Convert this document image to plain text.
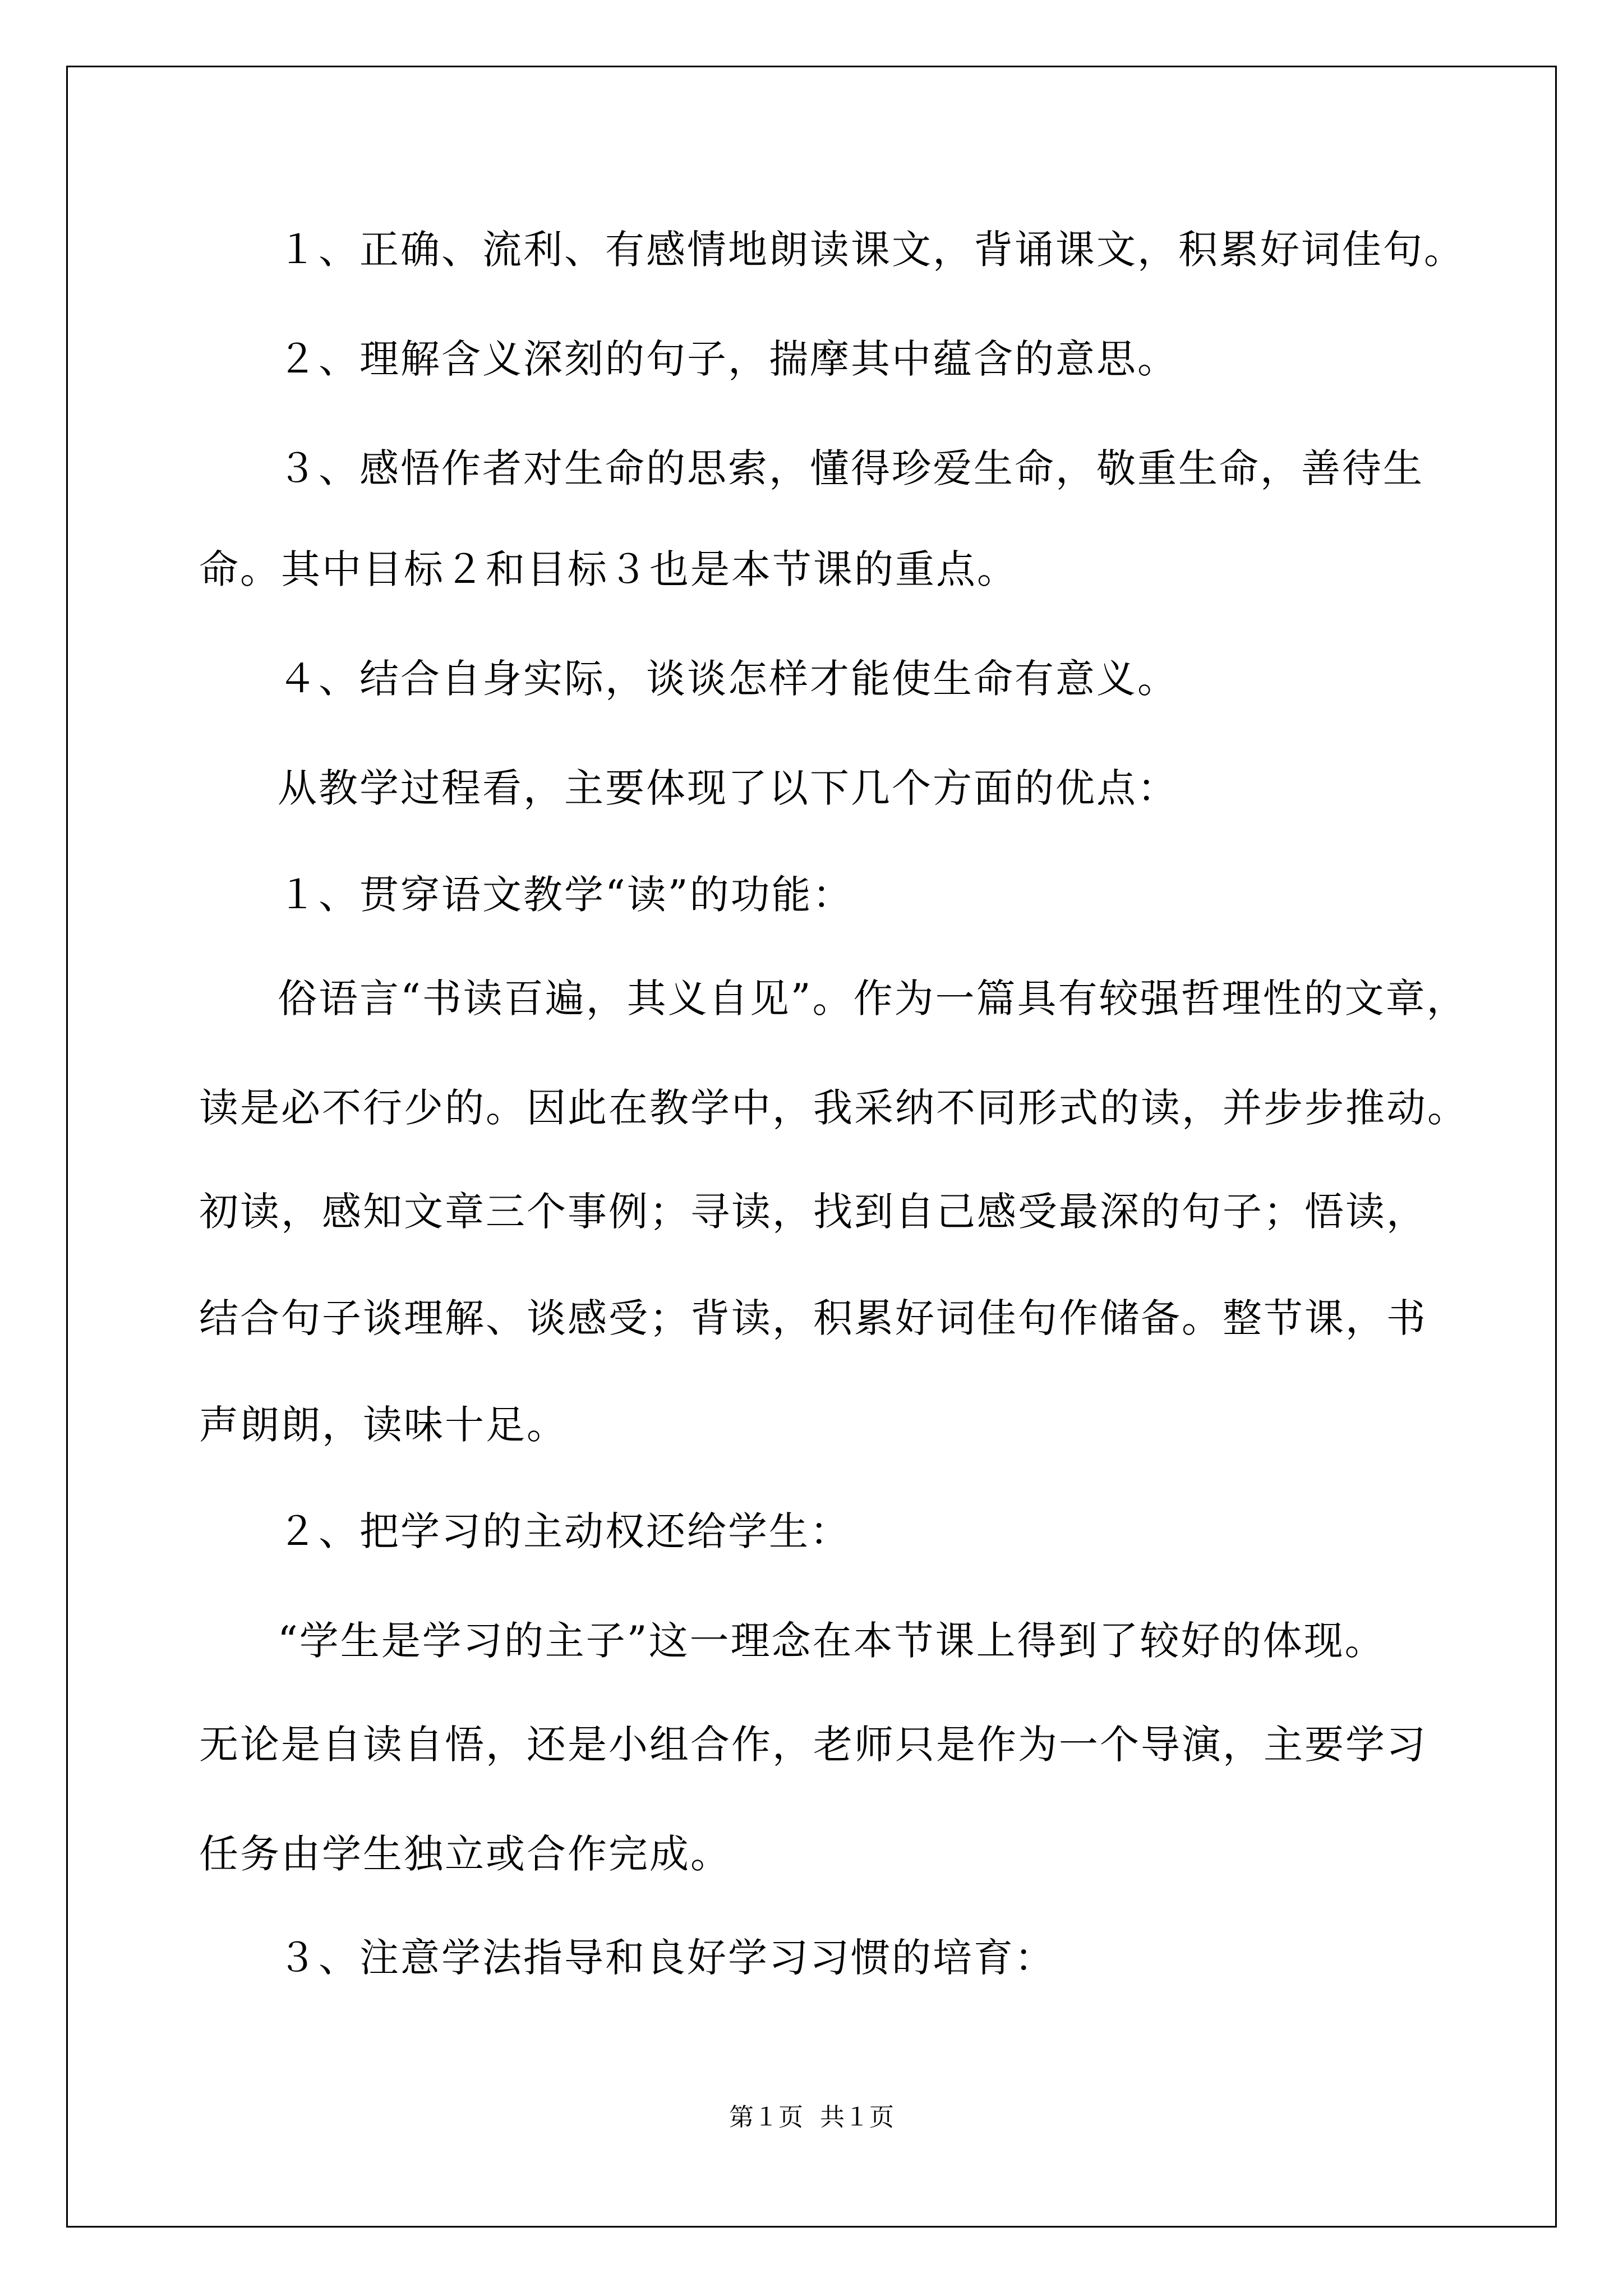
１、正确、流利、有感情地朗读课文，背诵课文，积累好词佳句。
２、理解含义深刻的句子，揣摩其中蕴含的意思。
３、感悟作者对生命的思索，懂得珍爱生命，敬重生命，善待生
命。其中目标２和目标３也是本节课的重点。
４、结合自身实际，谈谈怎样才能使生命有意义。
从教学过程看，主要体现了以下几个方面的优点：
１、贯穿语文教学“读”的功能：
俗语言“书读百遍，其义自见”。作为一篇具有较强哲理性的文章，
读是必不行少的。因此在教学中，我采纳不同形式的读，并步步推动。
初读，感知文章三个事例；寻读，找到自己感受最深的句子；悟读，
结合句子谈理解、谈感受；背读，积累好词佳句作储备。整节课，书
声朗朗，读味十足。
２、把学习的主动权还给学生：
“学生是学习的主子”这一理念在本节课上得到了较好的体现。
无论是自读自悟，还是小组合作，老师只是作为一个导演，主要学习
任务由学生独立或合作完成。
３、注意学法指导和良好学习习惯的培育：
第１页 共１页
